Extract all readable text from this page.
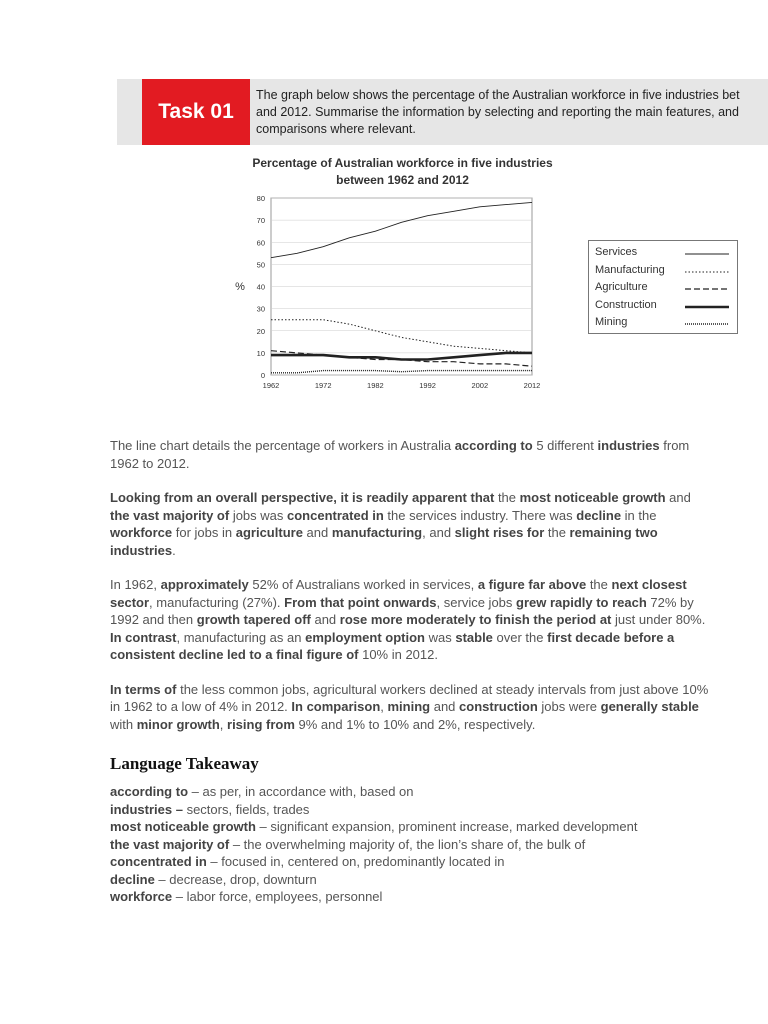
Task 01
The graph below shows the percentage of the Australian workforce in five industries bet
and 2012. Summarise the information by selecting and reporting the main features, and
comparisons where relevant.
Percentage of Australian workforce in five industries
between 1962 and 2012
0
10
20
30
40
50
60
70
80
1962	1972	1982	1992	2002	2012
%
Services
Manufacturing
Agriculture
Construction
Mining

The line chart details the percentage of workers in Australia according to 5 different industries from 1962 to 2012.

Looking from an overall perspective, it is readily apparent that the most noticeable growth and the vast majority of jobs was concentrated in the services industry. There was decline in the workforce for jobs in agriculture and manufacturing, and slight rises for the remaining two industries.

In 1962, approximately 52% of Australians worked in services, a figure far above the next closest sector, manufacturing (27%). From that point onwards, service jobs grew rapidly to reach 72% by 1992 and then growth tapered off and rose more moderately to finish the period at just under 80%. In contrast, manufacturing as an employment option was stable over the first decade before a consistent decline led to a final figure of 10% in 2012.

In terms of the less common jobs, agricultural workers declined at steady intervals from just above 10% in 1962 to a low of 4% in 2012. In comparison, mining and construction jobs were generally stable with minor growth, rising from 9% and 1% to 10% and 2%, respectively.

Language Takeaway
according to – as per, in accordance with, based on
industries – sectors, fields, trades
most noticeable growth – significant expansion, prominent increase, marked development
the vast majority of – the overwhelming majority of, the lion’s share of, the bulk of
concentrated in – focused in, centered on, predominantly located in
decline – decrease, drop, downturn
workforce – labor force, employees, personnel
